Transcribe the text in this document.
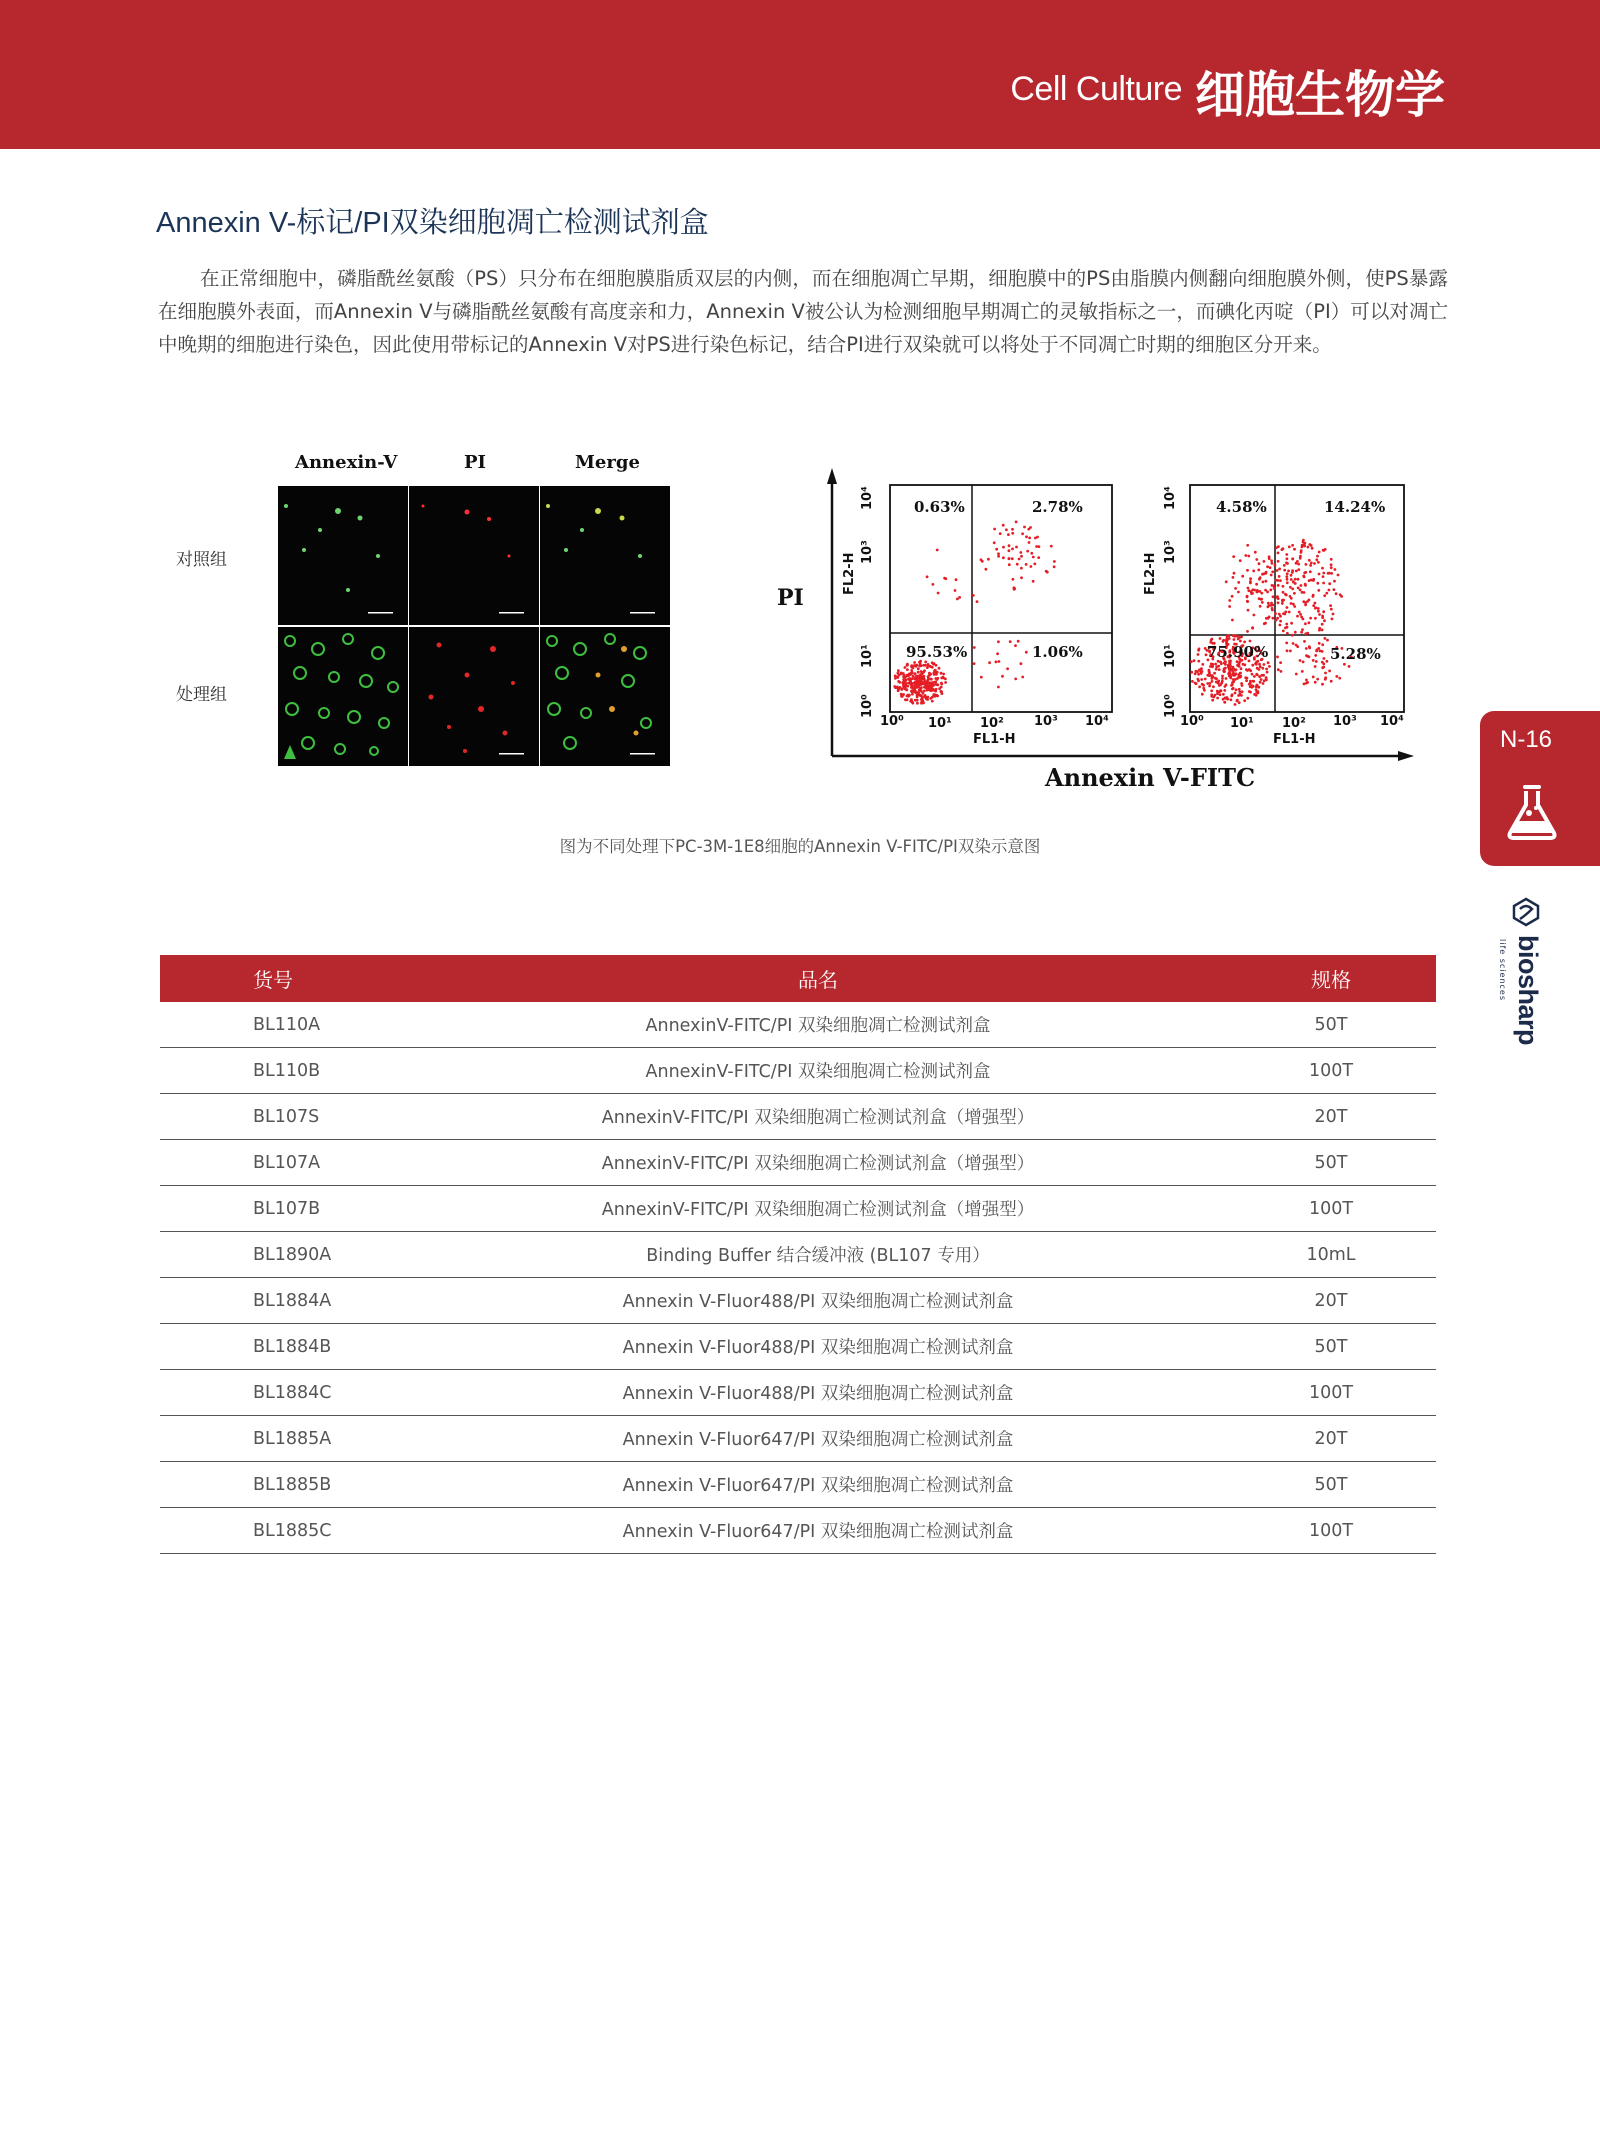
Cell Culture 细胞生物学
Annexin V-标记/PI双染细胞凋亡检测试剂盒
在正常细胞中，磷脂酰丝氨酸（PS）只分布在细胞膜脂质双层的内侧，而在细胞凋亡早期，细胞膜中的PS由脂膜内侧翻向细胞膜外侧，使PS暴露在细胞膜外表面，而Annexin V与磷脂酰丝氨酸有高度亲和力，Annexin V被公认为检测细胞早期凋亡的灵敏指标之一，而碘化丙啶（PI）可以对凋亡中晚期的细胞进行染色，因此使用带标记的Annexin V对PS进行染色标记，结合PI进行双染就可以将处于不同凋亡时期的细胞区分开来。
Annexin-V	PI	Merge
对照组
处理组
PI
Annexin V-FITC
FL2-H
FL1-H
10⁴
10³
10¹
10⁰
10⁰ 10¹ 10² 10³ 10⁴
FL2-H
FL1-H
10⁴
10³
10¹
10⁰
10⁰ 10¹ 10² 10³ 10⁴
0.63%	2.78%
95.53%	1.06%
4.58%	14.24%
75.90%	5.28%
图为不同处理下PC-3M-1E8细胞的Annexin V-FITC/PI双染示意图
N-16
biosharp
life sciences
货号	品名	规格
BL110A	AnnexinV-FITC/PI 双染细胞凋亡检测试剂盒	50T
BL110B	AnnexinV-FITC/PI 双染细胞凋亡检测试剂盒	100T
BL107S	AnnexinV-FITC/PI 双染细胞凋亡检测试剂盒（增强型）	20T
BL107A	AnnexinV-FITC/PI 双染细胞凋亡检测试剂盒（增强型）	50T
BL107B	AnnexinV-FITC/PI 双染细胞凋亡检测试剂盒（增强型）	100T
BL1890A	Binding Buffer 结合缓冲液 (BL107 专用）	10mL
BL1884A	Annexin V-Fluor488/PI 双染细胞凋亡检测试剂盒	20T
BL1884B	Annexin V-Fluor488/PI 双染细胞凋亡检测试剂盒	50T
BL1884C	Annexin V-Fluor488/PI 双染细胞凋亡检测试剂盒	100T
BL1885A	Annexin V-Fluor647/PI 双染细胞凋亡检测试剂盒	20T
BL1885B	Annexin V-Fluor647/PI 双染细胞凋亡检测试剂盒	50T
BL1885C	Annexin V-Fluor647/PI 双染细胞凋亡检测试剂盒	100T
